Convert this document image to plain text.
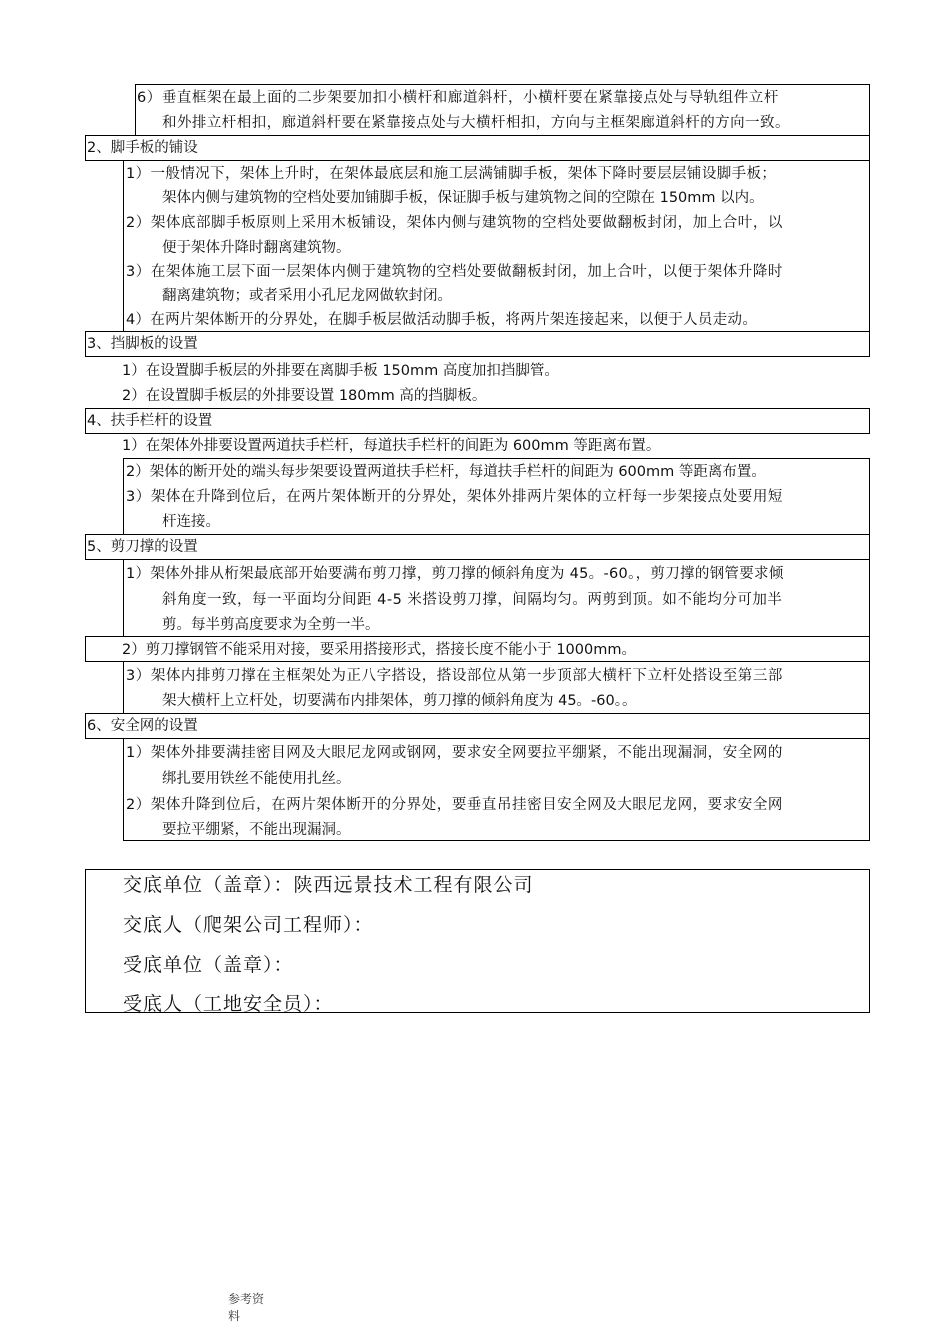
6）垂直框架在最上面的二步架要加扣小横杆和廊道斜杆，小横杆要在紧靠接点处与导轨组件立杆
和外排立杆相扣，廊道斜杆要在紧靠接点处与大横杆相扣，方向与主框架廊道斜杆的方向一致。
2、脚手板的铺设
1）一般情况下，架体上升时，在架体最底层和施工层满铺脚手板，架体下降时要层层铺设脚手板；
架体内侧与建筑物的空档处要加铺脚手板，保证脚手板与建筑物之间的空隙在 150mm 以内。
2）架体底部脚手板原则上采用木板铺设，架体内侧与建筑物的空档处要做翻板封闭，加上合叶，以
便于架体升降时翻离建筑物。
3）在架体施工层下面一层架体内侧于建筑物的空档处要做翻板封闭，加上合叶，以便于架体升降时
翻离建筑物；或者采用小孔尼龙网做软封闭。
4）在两片架体断开的分界处，在脚手板层做活动脚手板，将两片架连接起来，以便于人员走动。
3、挡脚板的设置
1）在设置脚手板层的外排要在离脚手板 150mm 高度加扣挡脚管。
2）在设置脚手板层的外排要设置 180mm 高的挡脚板。
4、扶手栏杆的设置
1）在架体外排要设置两道扶手栏杆，每道扶手栏杆的间距为 600mm 等距离布置。
2）架体的断开处的端头每步架要设置两道扶手栏杆，每道扶手栏杆的间距为 600mm 等距离布置。
3）架体在升降到位后，在两片架体断开的分界处，架体外排两片架体的立杆每一步架接点处要用短
杆连接。
5、剪刀撑的设置
1）架体外排从桁架最底部开始要满布剪刀撑，剪刀撑的倾斜角度为 45。-60。，剪刀撑的钢管要求倾
斜角度一致，每一平面均分间距 4-5 米搭设剪刀撑，间隔均匀。两剪到顶。如不能均分可加半
剪。每半剪高度要求为全剪一半。
2）剪刀撑钢管不能采用对接，要采用搭接形式，搭接长度不能小于 1000mm。
3）架体内排剪刀撑在主框架处为正八字搭设，搭设部位从第一步顶部大横杆下立杆处搭设至第三部
架大横杆上立杆处，切要满布内排架体，剪刀撑的倾斜角度为 45。-60。。
6、安全网的设置
1）架体外排要满挂密目网及大眼尼龙网或钢网，要求安全网要拉平绷紧，不能出现漏洞，安全网的
绑扎要用铁丝不能使用扎丝。
2）架体升降到位后，在两片架体断开的分界处，要垂直吊挂密目安全网及大眼尼龙网，要求安全网
要拉平绷紧，不能出现漏洞。
交底单位（盖章）：陕西远景技术工程有限公司
交底人（爬架公司工程师）：
受底单位（盖章）：
受底人（工地安全员）：
参考资
料
